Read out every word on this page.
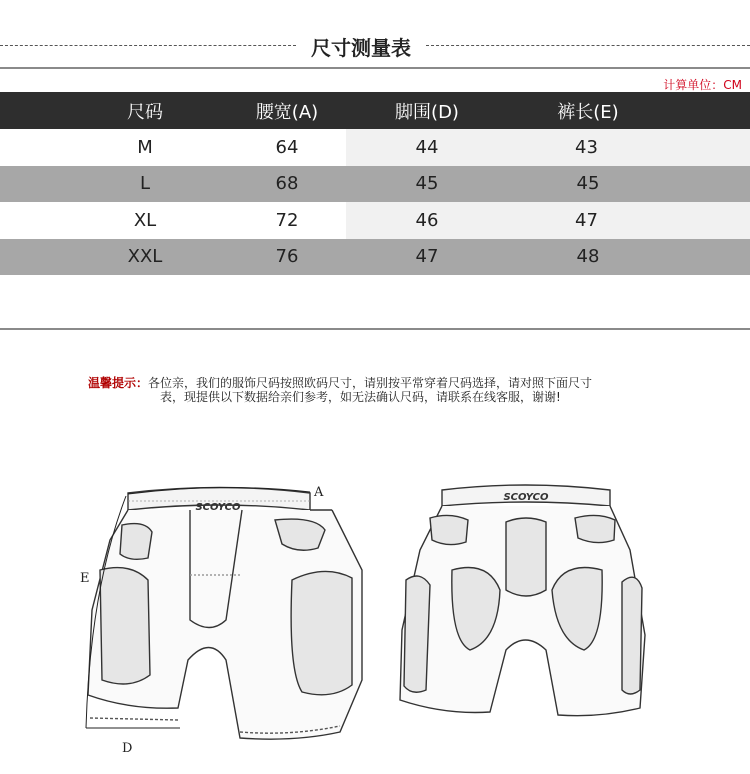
尺寸测量表
计算单位：CM
尺码	腰宽(A)	脚围(D)	裤长(E)
M	64	44	43
L	68	45	45
XL	72	46	47
XXL	76	47	48
温馨提示：各位亲，我们的服饰尺码按照欧码尺寸，请别按平常穿着尺码选择，请对照下面尺寸
表，现提供以下数据给亲们参考，如无法确认尺码，请联系在线客服，谢谢!
SCOYCO
A
E
D
SCOYCO
